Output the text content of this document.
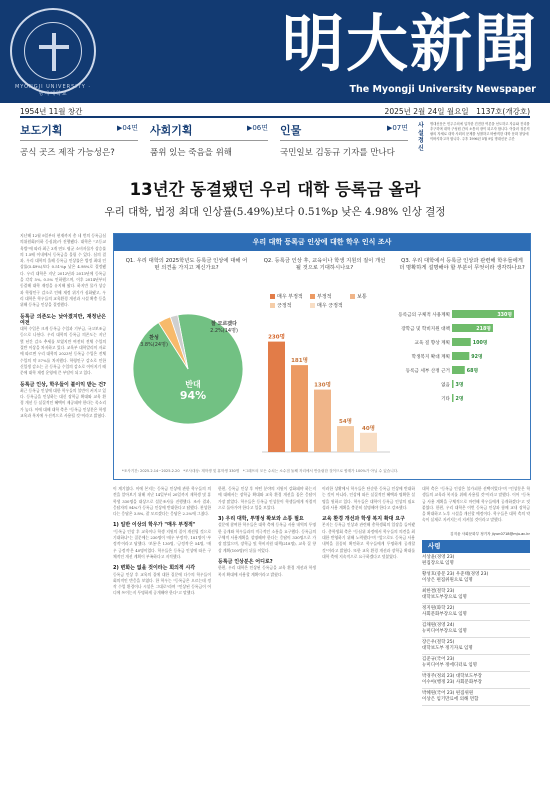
MYONGJI UNIVERSITY · 명지대학교
明大新聞
The Myongji University Newspaper
1954년 11월 창간	2025년 2월 24일 월요일　1137호(개강호)
보도기획	▶04면
공식 곳즈 제작 가능성은?
사회기획	▶06면
품위 있는 죽음을 위해
인물	▶07면
국민일보 김동규 기자를 만나다
사설 정신
명대신문은 민주주의에 입각한 건전한 여론을 선도하고 자유와 진리를 추구하며 대학 구성원 간의 소통의 장이 되고자 합니다. 아울러 정론직필의 자세로 대학 사회의 문제를 성찰하고 바람직한 대학 문화 창달에 이바지하고자 합니다. 주후 1996년 5월 9일 명대신문 주간
13년간 동결됐던 우리 대학 등록금 올라
우리 대학, 법정 최대 인상률(5.49%)보다 0.51%p 낮은 4.98% 인상 결정

지난해 12월 9일부터 현재까지 총 네 번의 등록금심의위원회(이하 등심위)가 진행됐다. 대학은 "고등교육법"에 따라 최근 3개 연도 평균 소비자물가 상승률의 1.5배 이내에서 등록금을 올릴 수 있다. 심의 결과, 우리 대학의 올해 등록금 인상률은 법정 최대 인상률(5.49%)보다 0.51%p 낮은 4.98%로 결정됐다. 우리 대학은 지난 2012년과 2013년에 등록금을 각각 5%, 0.5% 인하했으며, 이후 2014년부터 동결해 대학 재정을 유지해 왔다. 하지만 물가 상승과 학령인구 감소로 인해 재정 위기가 심화됐고, 우리 대학은 학우들의 교육환경 개선과 시설 확충 등을 위해 등록금 인상을 결정했다.

등록금 의존도는 낮아졌지만, 재정난은 여전

대학 수입은 크게 등록금 수입과 기부금, 국고보조금 등으로 나뉜다. 우리 대학의 등록금 의존도는 지난 몇 년간 감소 추세를 보였지만 여전히 전체 수입의 절반 이상을 차지하고 있다. 교육부 대학알리미 자료에 따르면 우리 대학의 2023년 등록금 수입은 전체 수입의 약 57%를 차지했다. 학령인구 감소로 인한 신입생 감소는 곧 등록금 수입의 감소로 이어지기 때문에 대학 재정 운영에 큰 부담이 되고 있다.

등록금 인상, 학우들이 불이익 받는 건?

최근 등록금 인상에 대한 학우들의 불만이 커지고 있다. 등록금을 인상하는 대신 장학금 확대와 교육 환경 개선 등 실질적인 혜택이 제공돼야 한다는 목소리가 높다. 이에 대해 대학 측은 "등록금 인상분은 학생 교육과 복지에 우선적으로 사용될 것"이라고 밝혔다.

우리 대학 등록금 인상에 대한 학우 인식 조사
Q1. 우리 대학의 2025학년도 등록금 인상에 대해 어떤 의견을 가지고 계신가요?
Q2. 등록금 인상 후, 교육이나 학생 지원의 질이 개선될 것으로 기대하시나요?
Q3. 우리 대학에서 등록금 인상과 관련해 학우들에게 더 명확하게 설명해야 할 부분이 무엇이라 생각하나요?
반대
94%
찬성
3.8%(24명)
잘 모르겠다
2.2%(14명)
매우 부정적	부정적	보통
긍정적	매우 긍정적
230명
181명
130명
54명
40명
등록금의 구체적 사용계획	330명
장학금 및 학비지원 대책	218명
교육 질 향상 계획	100명
학생복지 확대 계획	92명
등록금 세부 산정 근거	68명
없음 3명
기타 2명
*조사기간: 2025.2.14~2025.2.20　*조사대상: 재학생 및 휴학생 330명　*그래프의 모든 수치는 소수점 둘째 자리에서 반올림한 것이므로 합계가 100%가 아닐 수 있습니다.

이 계기였다. 이에 본지는 등록금 인상에 관한 학우들의 의견을 알아보기 위해 지난 14일부터 20일까지 재학생 및 휴학생 330명을 대상으로 설문조사를 진행했다. 조사 결과, 응답자의 94%가 등록금 인상에 반대한다고 답했다. 찬성한다는 응답은 3.8%, 잘 모르겠다는 응답은 2.2%에 그쳤다.

1) 일반 이상의 학우가 "매우 부정적"

"등록금 인상 후 교육이나 학생 지원의 질이 개선될 것으로 기대하냐"는 질문에는 230명이 '매우 부정적', 181명이 '부정적'이라고 답했다. '보통'은 130명, '긍정적'은 54명, '매우 긍정적'은 40명이었다. 학우들은 등록금 인상에 따른 구체적인 개선 계획이 부족하다고 지적했다.

2) 변화는 없을 것이라는 회의적 시각

등록금 인상 후 교육의 질에 대한 질문에 다수의 학우들이 회의적인 반응을 보였다. 한 학우는 "등록금은 오르는데 정작 수업 환경이나 시설은 그대로"라며 "인상된 등록금이 어디에 쓰이는지 투명하게 공개해야 한다"고 말했다.

한편, 등록금 인상 후 어떤 분야의 지원이 강화돼야 하는지에 대해서는 장학금 확대와 교육 환경 개선을 꼽은 응답이 가장 많았다. 학우들은 등록금 인상분이 학생들에게 직접적으로 돌아가야 한다고 입을 모았다.

3) 우리 대학, 투명성 확보와 소통 필요

설문에 참여한 학우들은 대학 측에 등록금 사용 내역의 투명한 공개와 학우들과의 적극적인 소통을 요구했다. 등록금의 구체적 사용계획을 설명해야 한다는 응답이 330명으로 가장 많았으며, 장학금 및 학비지원 대책(218명), 교육 질 향상 계획(100명)이 뒤를 이었다.

등록금 인상분은 어디로?

한편, 우리 대학은 인상된 등록금을 교육 환경 개선과 학생 복지 확대에 사용할 계획이라고 밝혔다.

이러한 상황에서 학우들은 단순한 등록금 인상에 반대하는 것이 아니라, 인상에 따른 실질적인 혜택과 명확한 설명을 원하고 있다. 학우들은 대학이 등록금 인상의 필요성과 사용 계획을 충분히 설명해야 한다고 강조했다.

교육 환경 개선과 학생 복지 확대 요구

본지는 등록금 인상과 관련해 총학생회의 입장을 들어봤다. 총학생회 측은 "등심위 과정에서 학우들의 의견을 최대한 반영하기 위해 노력했다"며 "앞으로도 등록금 사용 내역을 꼼꼼히 확인하고 학우들에게 투명하게 공개할 것"이라고 밝혔다. 또한 교육 환경 개선과 장학금 확대를 대학 측에 지속적으로 요구하겠다고 덧붙였다.

대학 측은 "등록금 인상은 불가피한 선택이었다"며 "인상분은 학생들의 교육과 복지를 위해 사용될 것"이라고 말했다. 이어 "등록금 사용 계획을 구체적으로 마련해 학우들에게 공개하겠다"고 덧붙였다. 한편, 우리 대학은 이번 등록금 인상과 함께 교내 장학금을 확대하고 노후 시설을 개선할 예정이다. 학우들은 대학 측의 약속이 실제로 지켜지는지 지켜볼 것이라고 말했다.

김지윤 사회문화부 정기자 jiyun0718@mju.ac.kr
사령
서상윤(경영 23)
편집장으로 임명
황성호(중문 23) 우준태(경영 23)
이상은 편집위원으로 임명
최한결(철학 23)
대학보도부장으로 임명
정지원(화학 22)
사회문화부장으로 임명
김채원(경영 24)
뉴미디어부장으로 임명
장은우(철학 25)
대학보도부 정기자로 임명
김준규(국어 23)
뉴미디어부 정에디터로 임명
박경주(정외 23) 대학보도부장
이수아(행정 23) 사회문화부장
박혜원(국어 23) 편집위원
이상은 임기만료에 의해 면함
